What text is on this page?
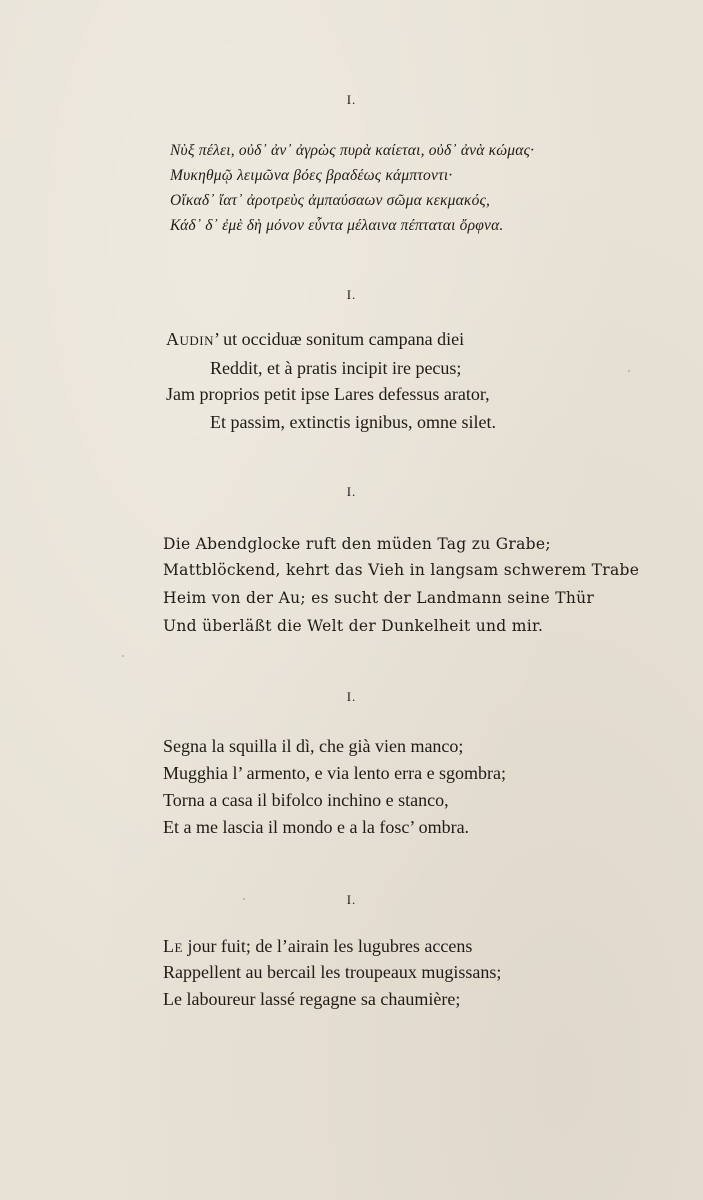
I.
Νὺξ πέλει, οὐδ᾽ ἀν᾽ ἀγρὼς πυρὰ καίεται, οὐδ᾽ ἀνὰ κώμας·
Μυκηθμῷ λειμῶνα βόες βραδέως κάμπτοντι·
Οἴκαδ᾽ ἴατ᾽ ἀροτρεὺς ἀμπαύσαων σῶμα κεκμακός,
Κάδ᾽ δ᾽ ἐμὲ δὴ μόνον εὗντα μέλαινα πέπταται ὄρφνα.
I.
Audin’ ut occiduæ sonitum campana diei
Reddit, et à pratis incipit ire pecus;
Jam proprios petit ipse Lares defessus arator,
Et passim, extinctis ignibus, omne silet.
I.
Die Abendglocke ruft den müden Tag zu Grabe;
Mattblöckend, kehrt das Vieh in langsam schwerem Trabe
Heim von der Au; es sucht der Landmann seine Thür
Und überläßt die Welt der Dunkelheit und mir.
I.
Segna la squilla il dì, che già vien manco;
Mugghia l’ armento, e via lento erra e sgombra;
Torna a casa il bifolco inchino e stanco,
Et a me lascia il mondo e a la fosc’ ombra.
I.
Le jour fuit; de l’airain les lugubres accens
Rappellent au bercail les troupeaux mugissans;
Le laboureur lassé regagne sa chaumière;
